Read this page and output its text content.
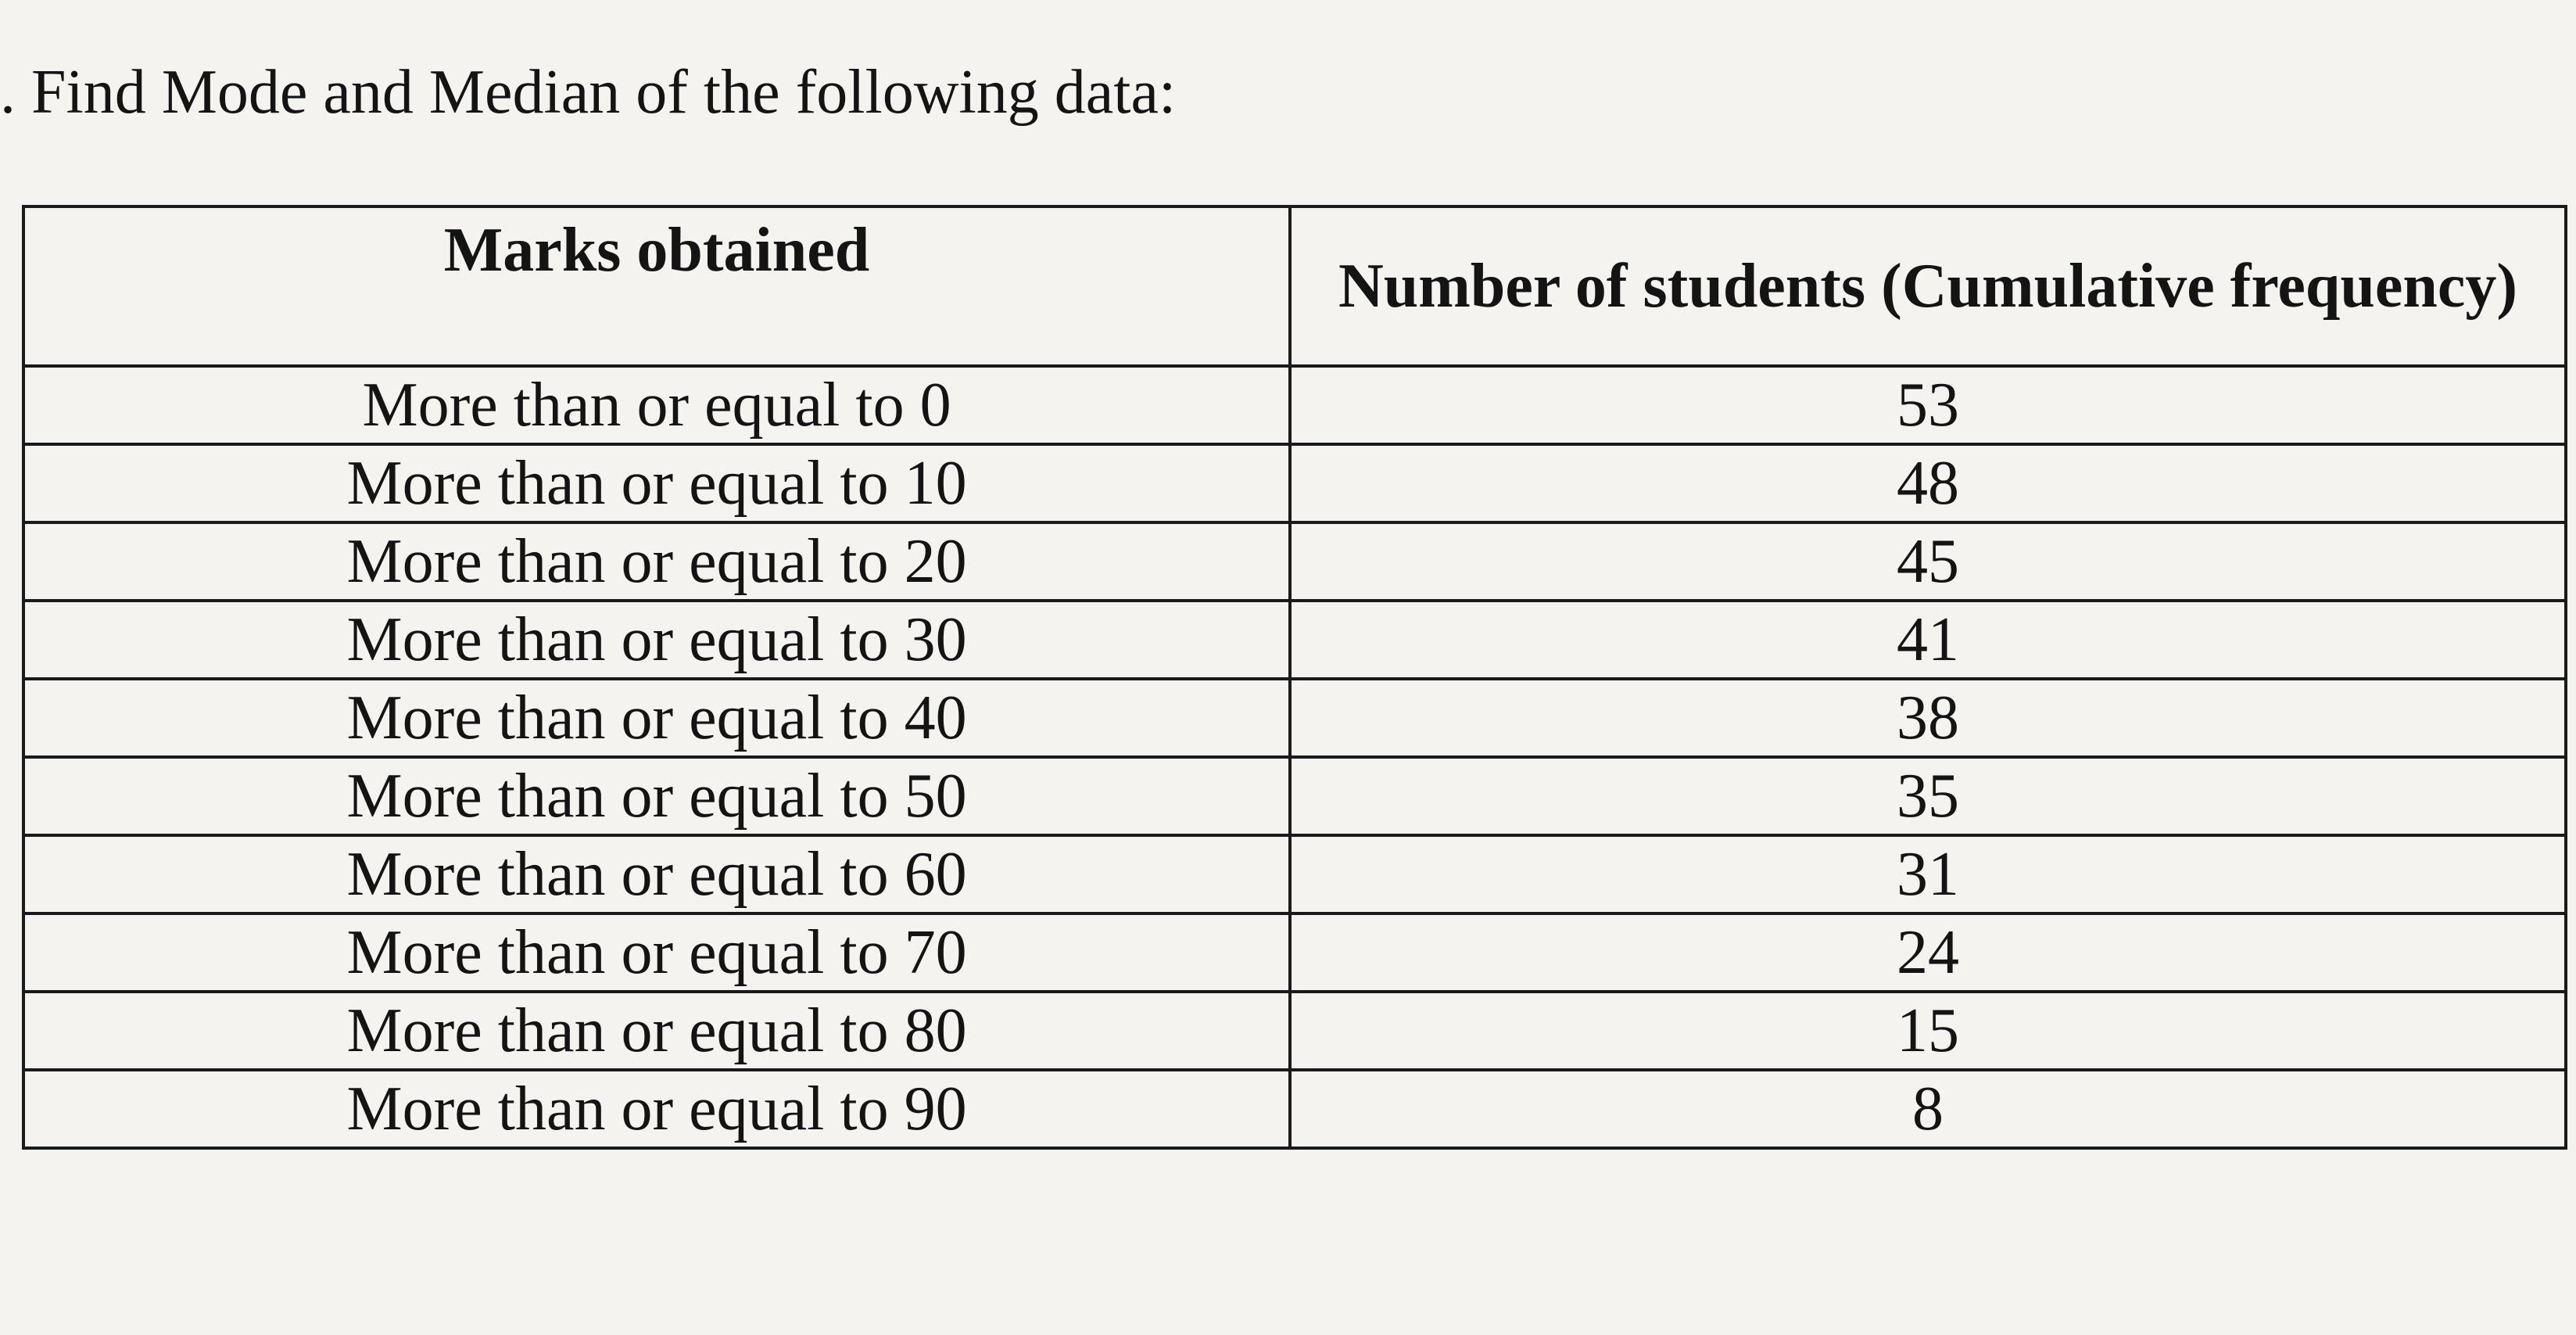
. Find Mode and Median of the following data:

Marks obtained	Number of students (Cumulative frequency)
More than or equal to 0	53
More than or equal to 10	48
More than or equal to 20	45
More than or equal to 30	41
More than or equal to 40	38
More than or equal to 50	35
More than or equal to 60	31
More than or equal to 70	24
More than or equal to 80	15
More than or equal to 90	8
